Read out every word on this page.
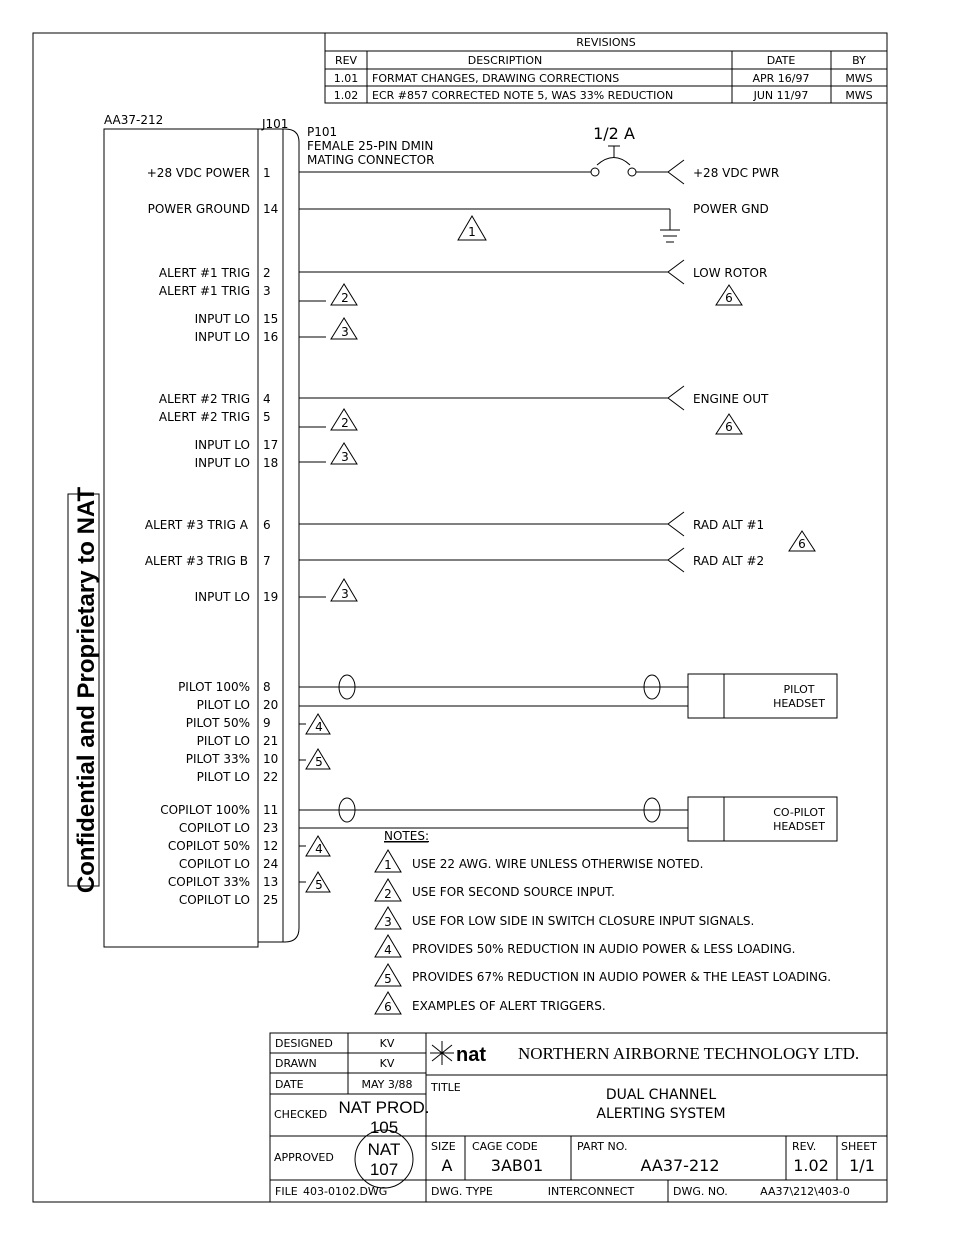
REVISIONS
REV	DESCRIPTION	DATE	BY
1.01 FORMAT CHANGES, DRAWING CORRECTIONS	APR 16/97	MWS
1.02 ECR #857 CORRECTED NOTE 5, WAS 33% REDUCTION	JUN 11/97	MWS
Confidential and Proprietary to NAT
AA37-212	J101
P101
FEMALE 25-PIN DMIN
MATING CONNECTOR
+28 VDC POWER 1
POWER GROUND 14
ALERT #1 TRIG 2
ALERT #1 TRIG 3
INPUT LO 15
INPUT LO 16
ALERT #2 TRIG 4
ALERT #2 TRIG 5
INPUT LO 17
INPUT LO 18
ALERT #3 TRIG A 6
ALERT #3 TRIG B 7
INPUT LO 19
PILOT 100% 8
PILOT LO 20
PILOT 50% 9
PILOT LO 21
PILOT 33% 10
PILOT LO 22
COPILOT 100% 11
COPILOT LO 23
COPILOT 50% 12
COPILOT LO 24
COPILOT 33% 13
COPILOT LO 25
1/2 A
+28 VDC PWR
POWER GND
1
LOW ROTOR
6
2
3
ENGINE OUT
6
2
3
RAD ALT #1
RAD ALT #2
6
3
PILOT
HEADSET
4
5
CO-PILOT
HEADSET
4
5
NOTES:
1 USE 22 AWG. WIRE UNLESS OTHERWISE NOTED.
2 USE FOR SECOND SOURCE INPUT.
3 USE FOR LOW SIDE IN SWITCH CLOSURE INPUT SIGNALS.
4 PROVIDES 50% REDUCTION IN AUDIO POWER & LESS LOADING.
5 PROVIDES 67% REDUCTION IN AUDIO POWER & THE LEAST LOADING.
6 EXAMPLES OF ALERT TRIGGERS.
DESIGNED	KV
DRAWN	KV
DATE	MAY 3/88
CHECKED NAT PROD.
105
APPROVED NAT
107
FILE 403-0102.DWG
nat NORTHERN AIRBORNE TECHNOLOGY LTD.
TITLE	DUAL CHANNEL
ALERTING SYSTEM
SIZE
A
CAGE CODE
3AB01
PART NO.
AA37-212
REV.
1.02
SHEET
1/1
DWG. TYPE	INTERCONNECT	DWG. NO.	AA37\212\403-0
